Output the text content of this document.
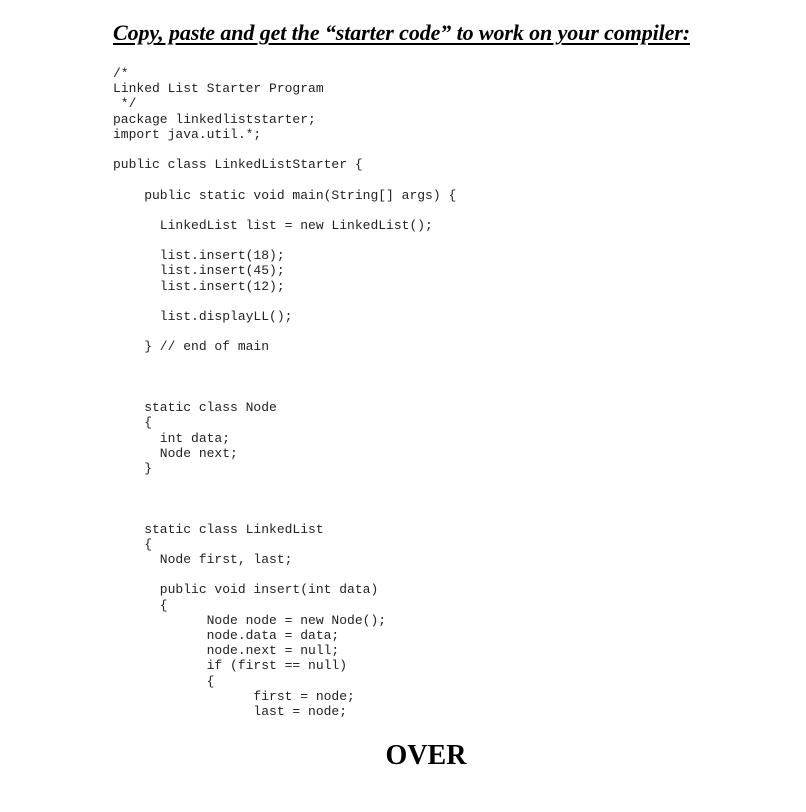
Copy, paste and get the “starter code” to work on your compiler:
/*
Linked List Starter Program
*/
package linkedliststarter;
import java.util.*;
public class LinkedListStarter {
public static void main(String[] args) {
LinkedList list = new LinkedList();
list.insert(18);
list.insert(45);
list.insert(12);
list.displayLL();
} // end of main
static class Node
{
int data;
Node next;
}
static class LinkedList
{
Node first, last;
public void insert(int data)
{
Node node = new Node();
node.data = data;
node.next = null;
if (first == null)
{
first = node;
last = node;

OVER
